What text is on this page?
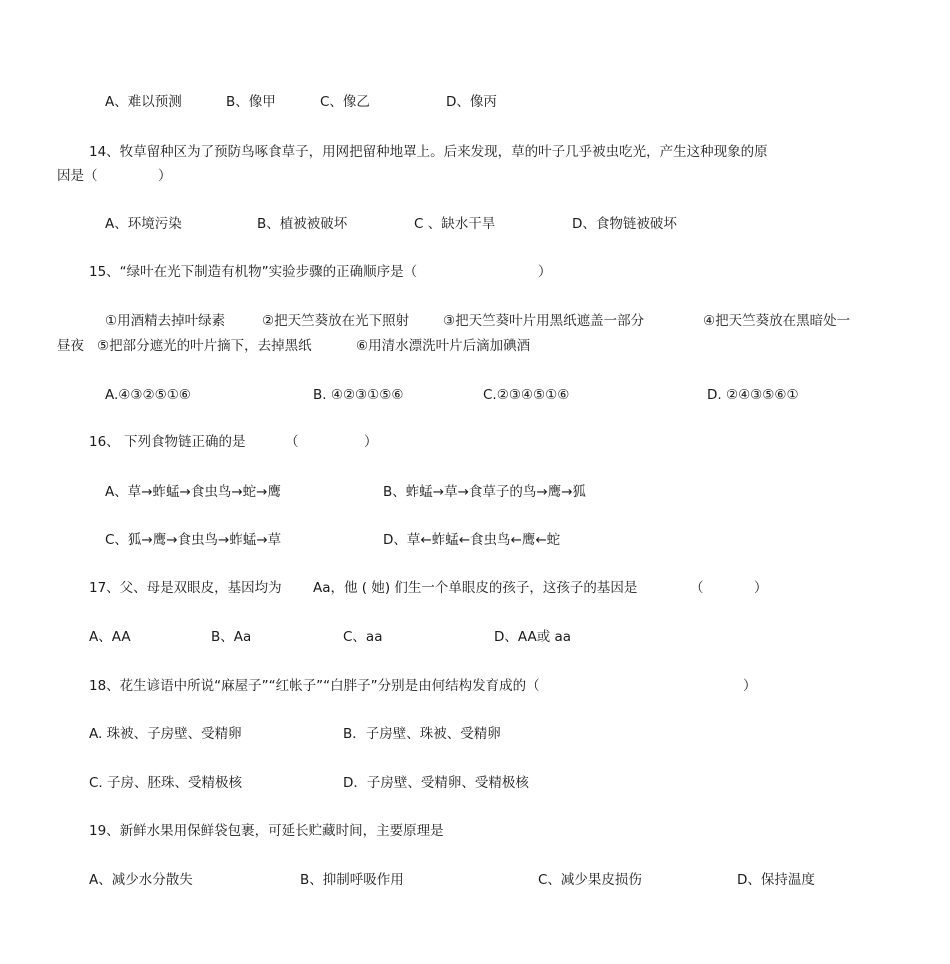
A、难以预测	B、像甲	C、像乙	D、像丙
14、牧草留种区为了预防鸟啄食草子，用网把留种地罩上。后来发现，草的叶子几乎被虫吃光，产生这种现象的原
因是（	）
A、环境污染	B、植被被破坏	C 、缺水干旱	D、食物链被破坏
15、“绿叶在光下制造有机物”实验步骤的正确顺序是（	）
①用酒精去掉叶绿素	②把天竺葵放在光下照射	③把天竺葵叶片用黑纸遮盖一部分	④把天竺葵放在黑暗处一
昼夜 ⑤把部分遮光的叶片摘下，去掉黑纸	⑥用清水漂洗叶片后滴加碘酒
A.④③②⑤①⑥	B. ④②③①⑤⑥	C.②③④⑤①⑥	D. ②④③⑤⑥①
16、 下列食物链正确的是	（	）
A、草→蚱蜢→食虫鸟→蛇→鹰	B、蚱蜢→草→食草子的鸟→鹰→狐
C、狐→鹰→食虫鸟→蚱蜢→草	D、草←蚱蜢←食虫鸟←鹰←蛇
17、父、母是双眼皮，基因均为 Aa，他 ( 她) 们生一个单眼皮的孩子，这孩子的基因是	（	）
A、AA	B、Aa	C、aa	D、AA或 aa
18、花生谚语中所说“麻屋子”“红帐子”“白胖子”分别是由何结构发育成的（	）
A. 珠被、子房壁、受精卵	B．子房壁、珠被、受精卵
C. 子房、胚珠、受精极核	D．子房壁、受精卵、受精极核
19、新鲜水果用保鲜袋包裹，可延长贮藏时间，主要原理是
A、减少水分散失	B、抑制呼吸作用	C、减少果皮损伤	D、保持温度
